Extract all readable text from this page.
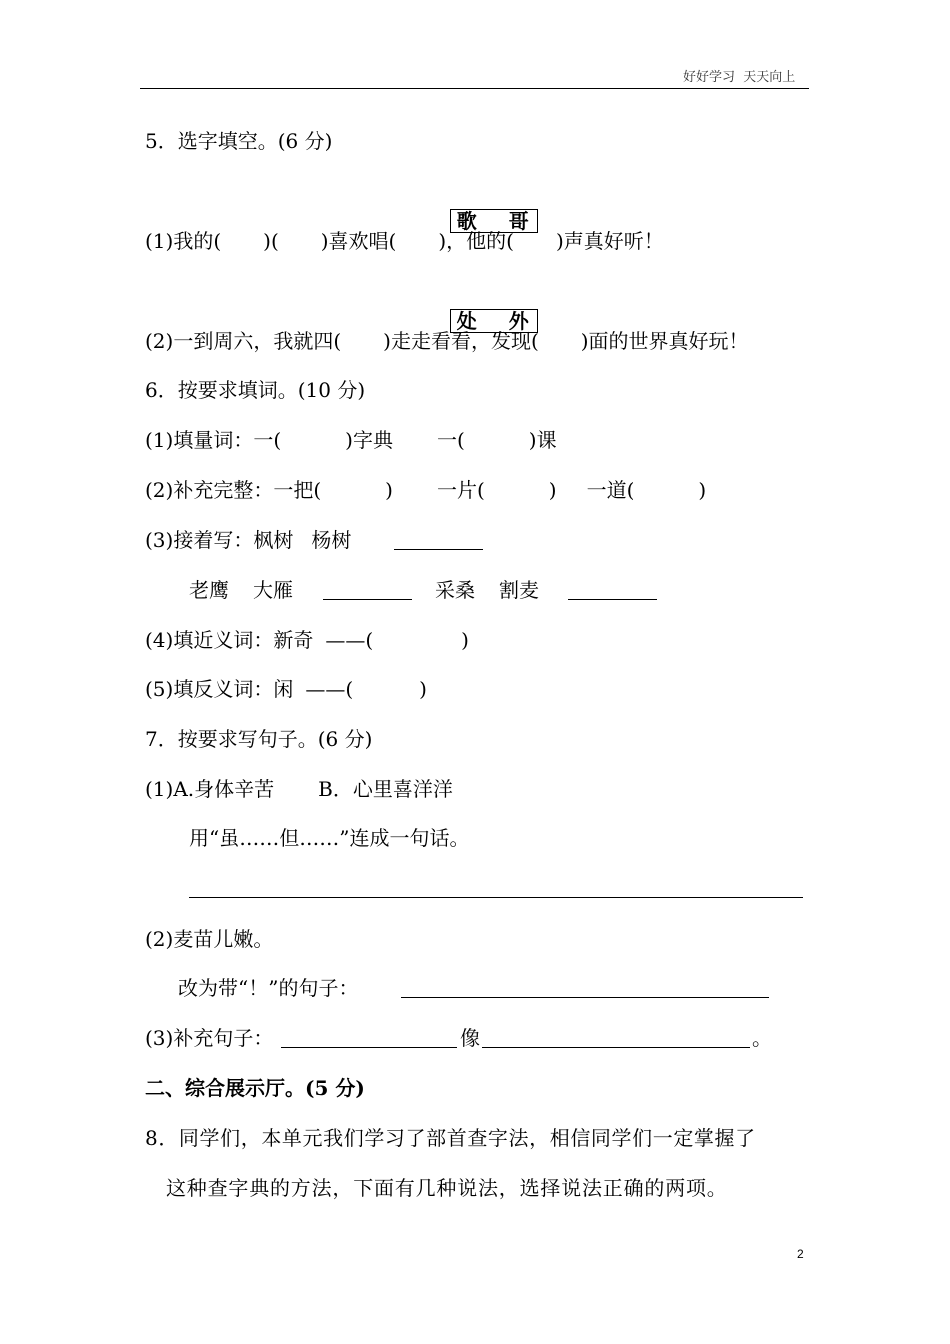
好好学习  天天向上
5．选字填空。(6 分)

歌 哥

(1)我的( )( )喜欢唱( )，他的( )声真好听！

处 外

(2)一到周六，我就四( )走走看看，发现( )面的世界真好玩！
6．按要求填词。(10 分)
(1)填量词：一(	)字典 一(	)课
(2)补充完整：一把(	) 一片(	) 一道(	)
(3)接着写：枫树 杨树
老鹰 大雁	采桑 割麦
(4)填近义词：新奇 ——(	)
(5)填反义词：闲 ——(	)
7．按要求写句子。(6 分)
(1)A.身体辛苦 B．心里喜洋洋
用“虽……但……”连成一句话。
(2)麦苗儿嫩。
改为带“！”的句子：
(3)补充句子：	像	。
二、综合展示厅。(5 分)
8．同学们，本单元我们学习了部首查字法，相信同学们一定掌握了
这种查字典的方法，下面有几种说法，选择说法正确的两项。
2
